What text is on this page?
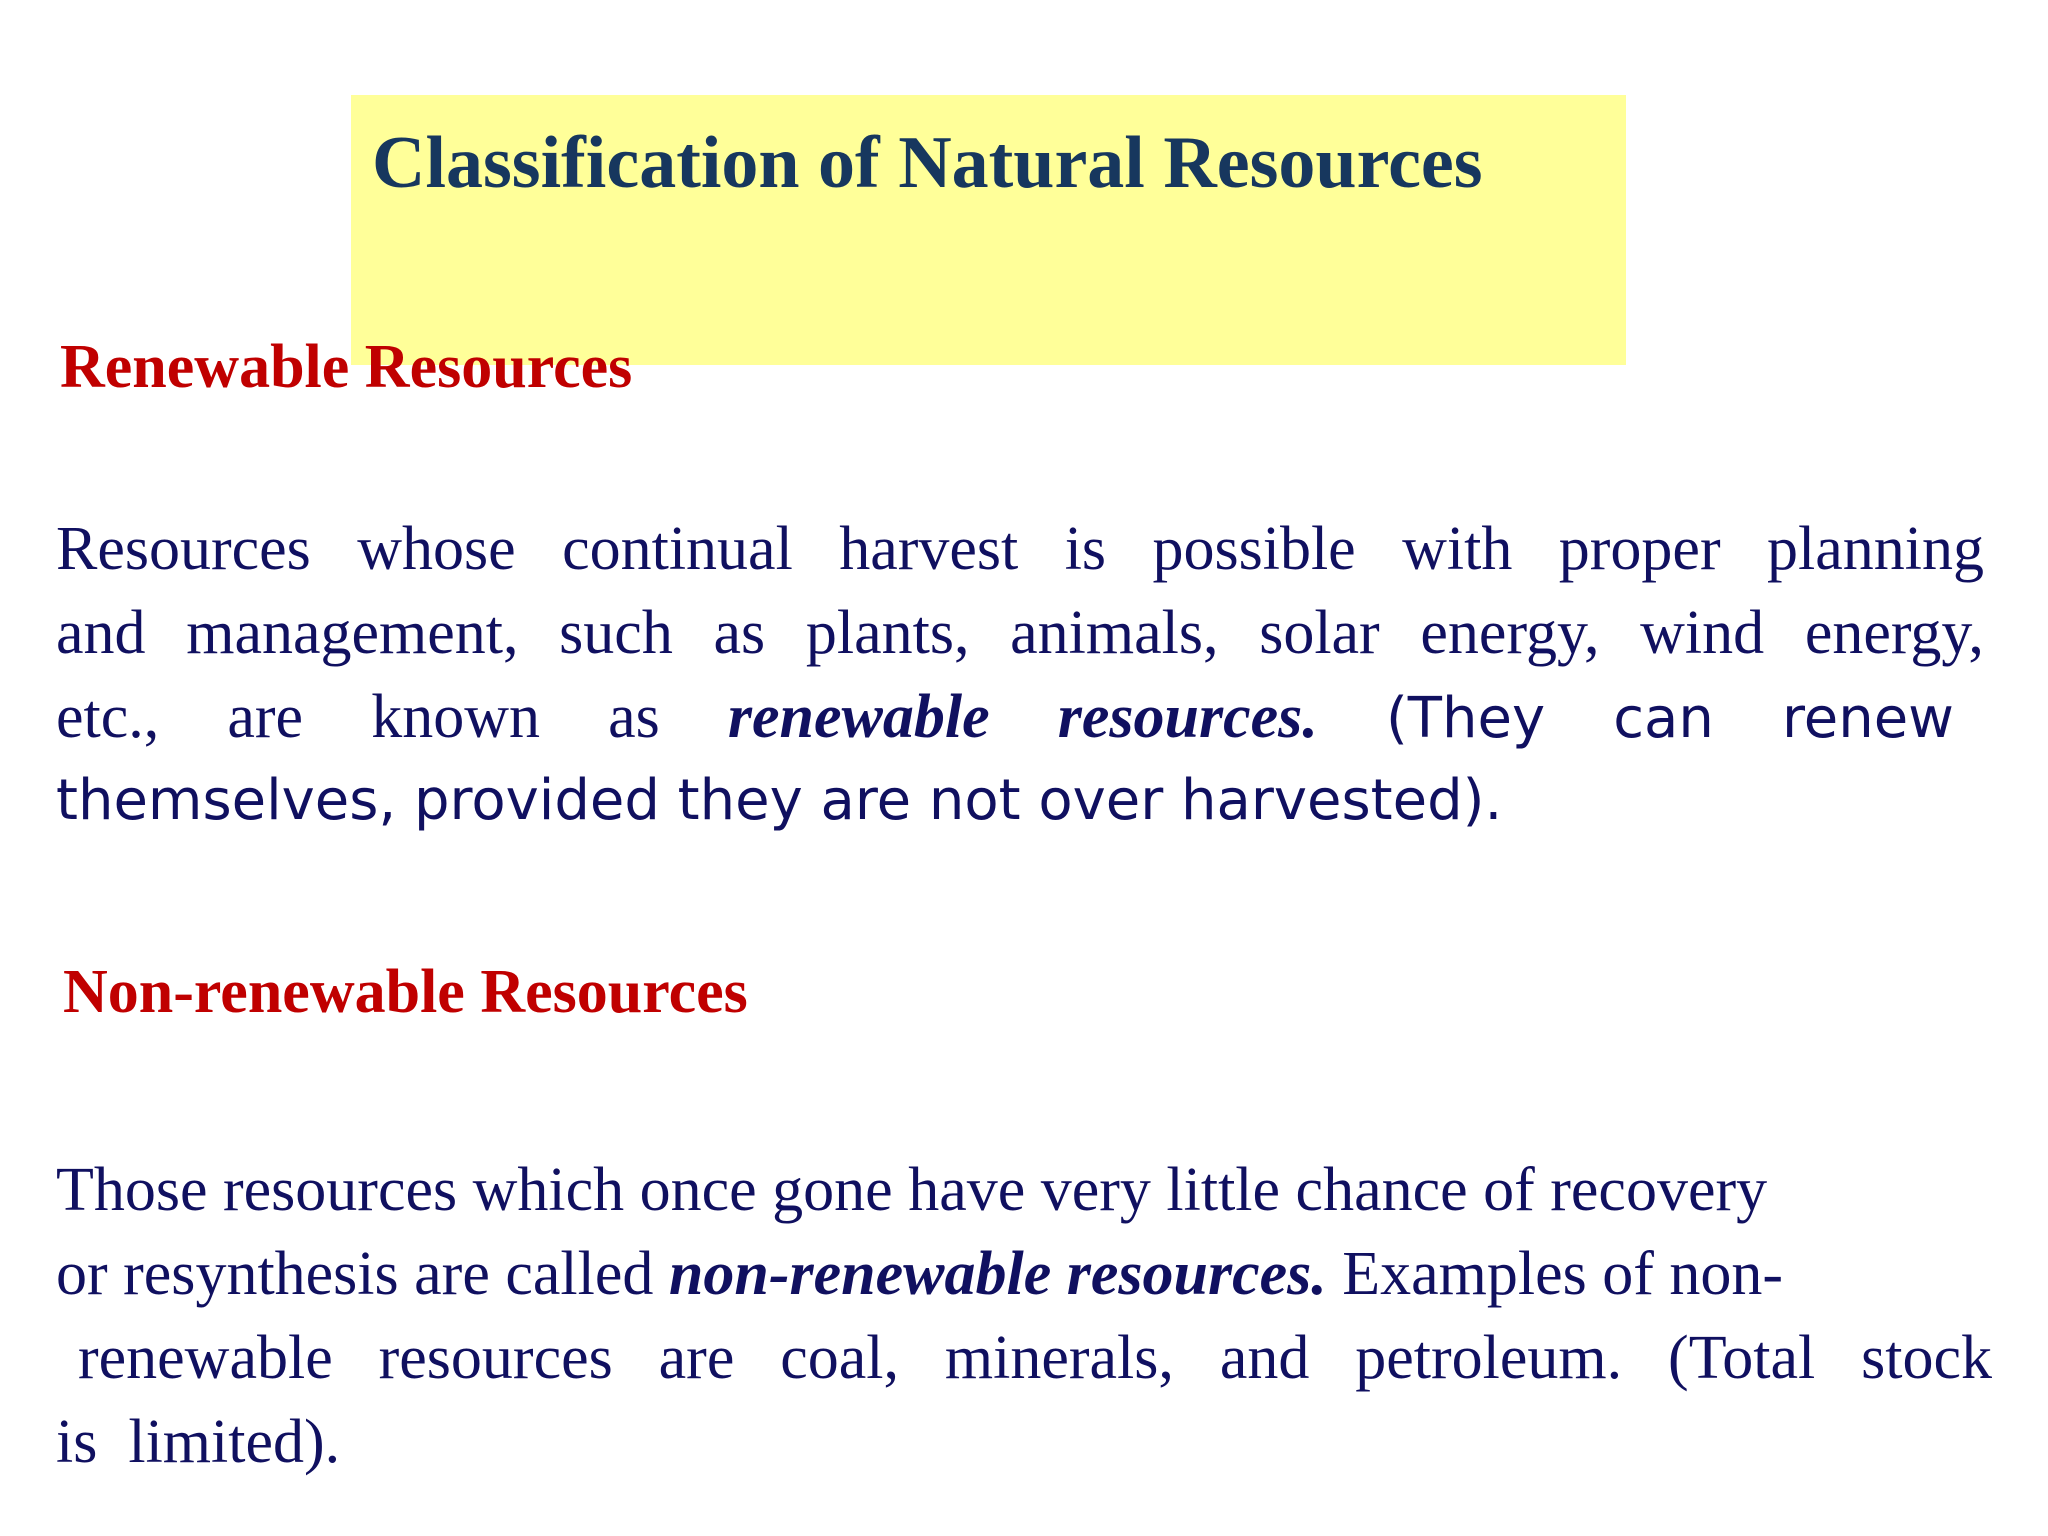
Classification of Natural Resources
Renewable Resources
Resources whose continual harvest is possible with proper planning
and management, such as plants, animals, solar energy, wind energy,
etc., are known as renewable resources. (They can renew
themselves, provided they are not over harvested).
Non-renewable Resources
Those resources which once gone have very little chance of recovery
or resynthesis are called non-renewable resources. Examples of non-
renewable resources are coal, minerals, and petroleum. (Total stock
is  limited).
